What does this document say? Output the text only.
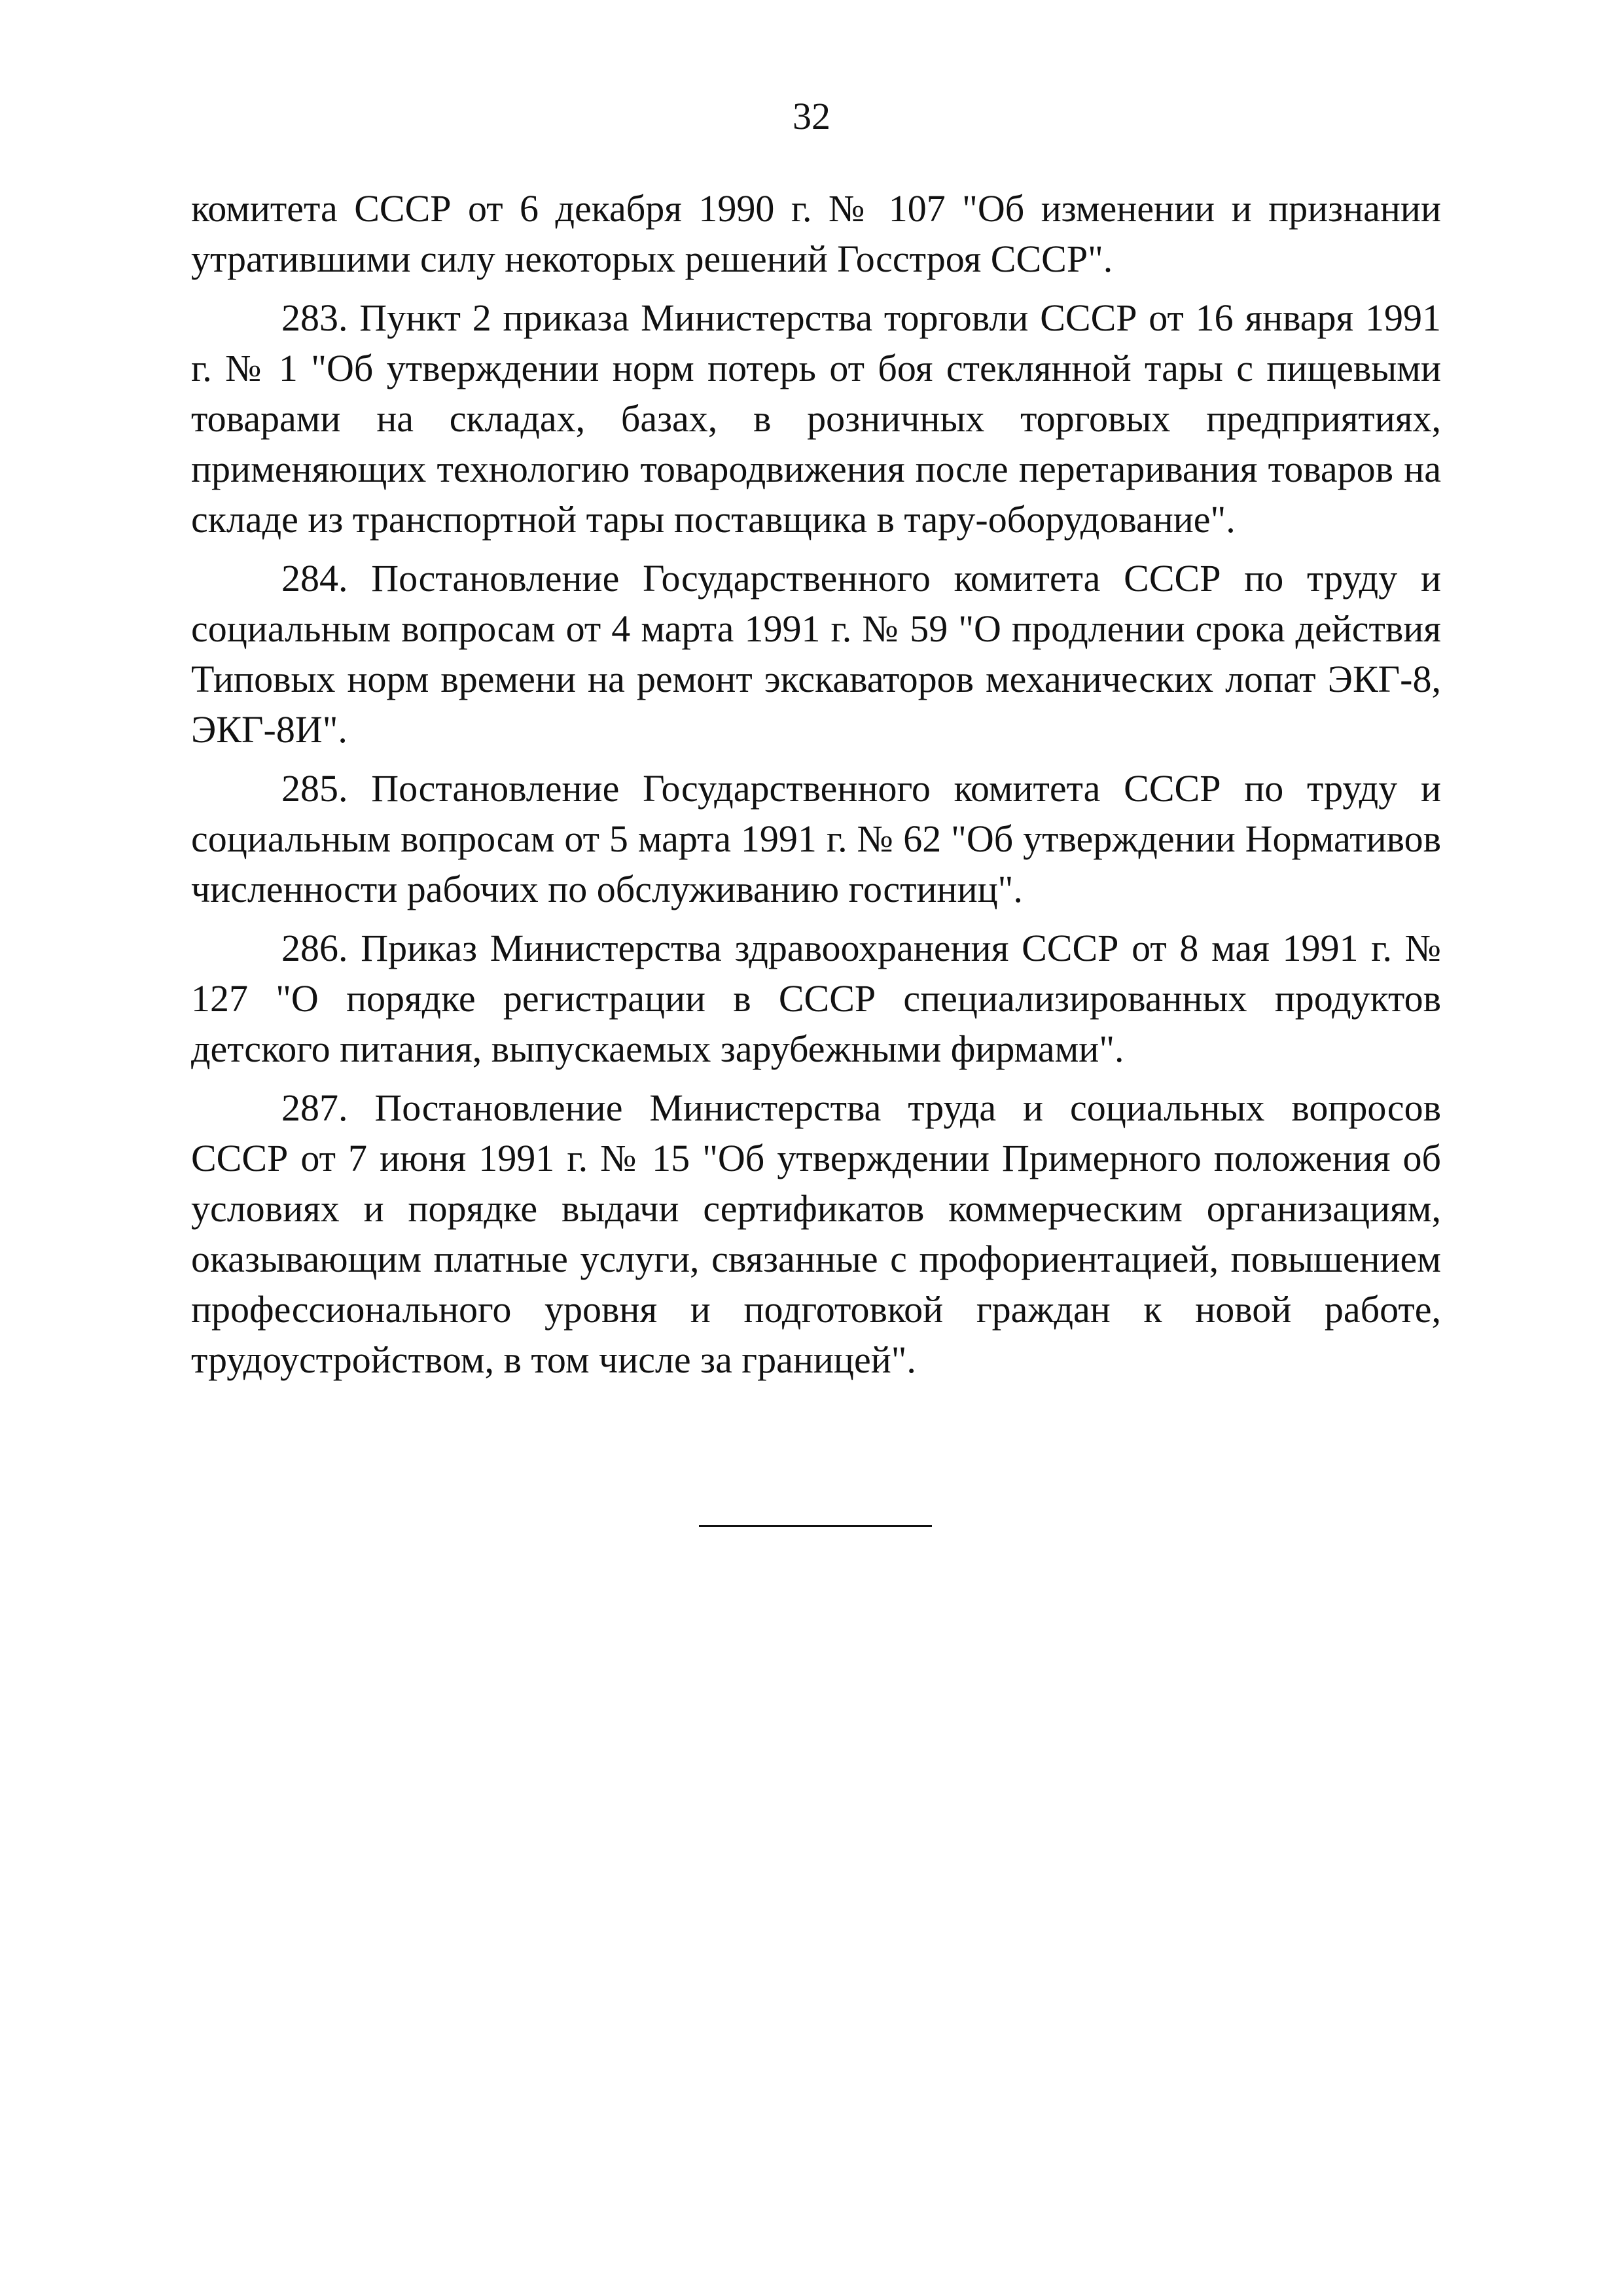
32

комитета СССР от 6 декабря 1990 г. № 107 "Об изменении и признании утратившими силу некоторых решений Госстроя СССР".

283. Пункт 2 приказа Министерства торговли СССР от 16 января 1991 г. № 1 "Об утверждении норм потерь от боя стеклянной тары с пищевыми товарами на складах, базах, в розничных торговых предприятиях, применяющих технологию товародвижения после перетаривания товаров на складе из транспортной тары поставщика в тару-оборудование".

284. Постановление Государственного комитета СССР по труду и социальным вопросам от 4 марта 1991 г. № 59 "О продлении срока действия Типовых норм времени на ремонт экскаваторов механических лопат ЭКГ-8, ЭКГ-8И".

285. Постановление Государственного комитета СССР по труду и социальным вопросам от 5 марта 1991 г. № 62 "Об утверждении Нормативов численности рабочих по обслуживанию гостиниц".

286. Приказ Министерства здравоохранения СССР от 8 мая 1991 г. № 127 "О порядке регистрации в СССР специализированных продуктов детского питания, выпускаемых зарубежными фирмами".

287. Постановление Министерства труда и социальных вопросов СССР от 7 июня 1991 г. № 15 "Об утверждении Примерного положения об условиях и порядке выдачи сертификатов коммерческим организациям, оказывающим платные услуги, связанные с профориентацией, повышением профессионального уровня и подготовкой граждан к новой работе, трудоустройством, в том числе за границей".
